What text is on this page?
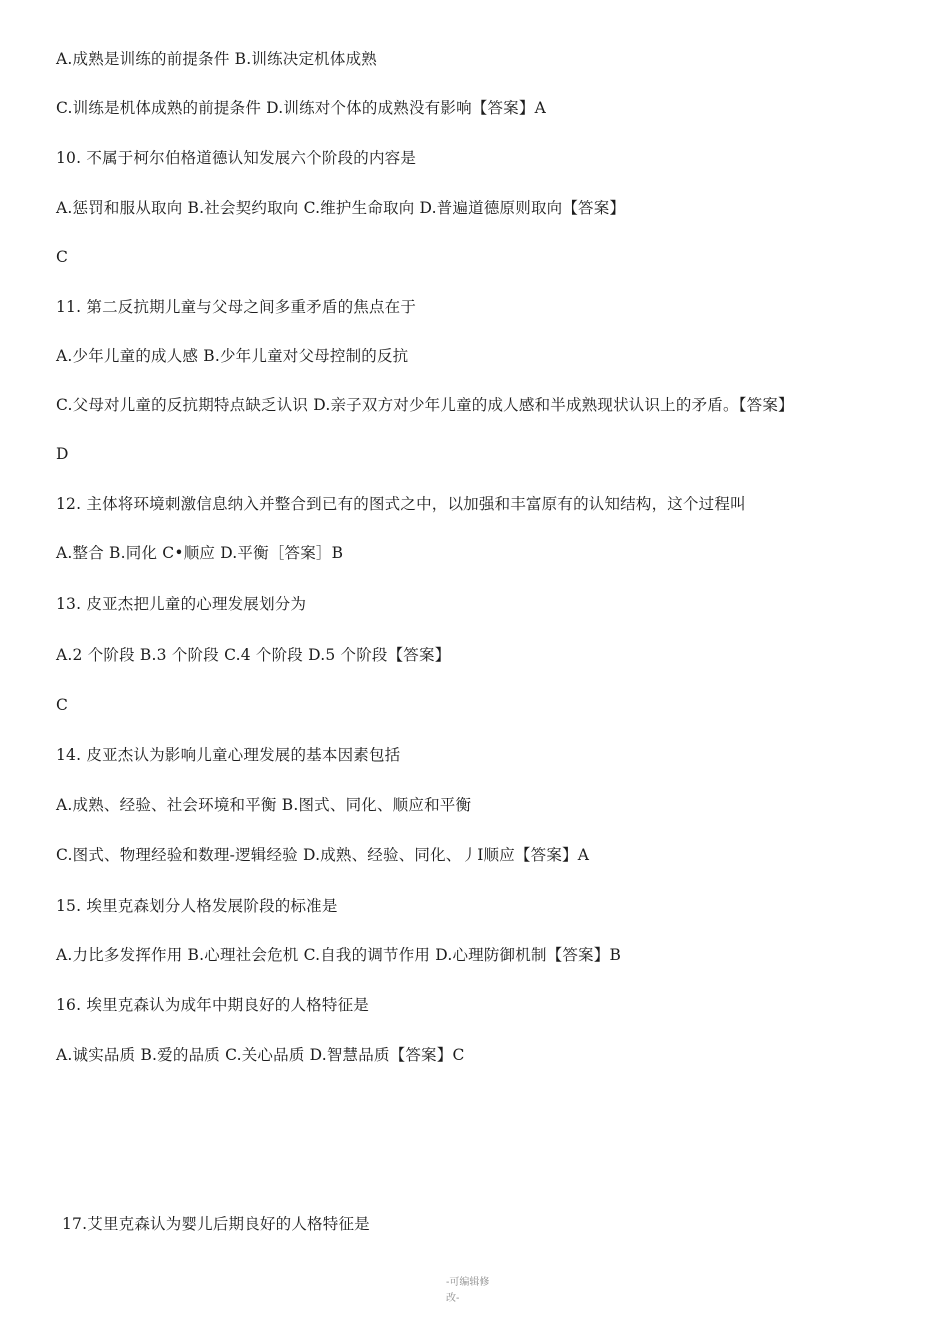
A.成熟是训练的前提条件 B.训练决定机体成熟
C.训练是机体成熟的前提条件 D.训练对个体的成熟没有影响【答案】A
10. 不属于柯尔伯格道德认知发展六个阶段的内容是
A.惩罚和服从取向 B.社会契约取向 C.维护生命取向 D.普遍道德原则取向【答案】
C
11. 第二反抗期儿童与父母之间多重矛盾的焦点在于
A.少年儿童的成人感 B.少年儿童对父母控制的反抗
C.父母对儿童的反抗期特点缺乏认识 D.亲子双方对少年儿童的成人感和半成熟现状认识上的矛盾。【答案】
D
12. 主体将环境刺激信息纳入并整合到已有的图式之中，以加强和丰富原有的认知结构，这个过程叫
A.整合 B.同化 C•顺应 D.平衡［答案］B
13. 皮亚杰把儿童的心理发展划分为
A.2 个阶段 B.3 个阶段 C.4 个阶段 D.5 个阶段【答案】
C
14. 皮亚杰认为影响儿童心理发展的基本因素包括
A.成熟、经验、社会环境和平衡 B.图式、同化、顺应和平衡
C.图式、物理经验和数理-逻辑经验 D.成熟、经验、同化、丿I顺应【答案】A
15. 埃里克森划分人格发展阶段的标准是
A.力比多发挥作用 B.心理社会危机 C.自我的调节作用 D.心理防御机制【答案】B
16. 埃里克森认为成年中期良好的人格特征是
A.诚实品质 B.爱的品质 C.关心品质 D.智慧品质【答案】C
17.艾里克森认为婴儿后期良好的人格特征是
-可编辑修
改-
